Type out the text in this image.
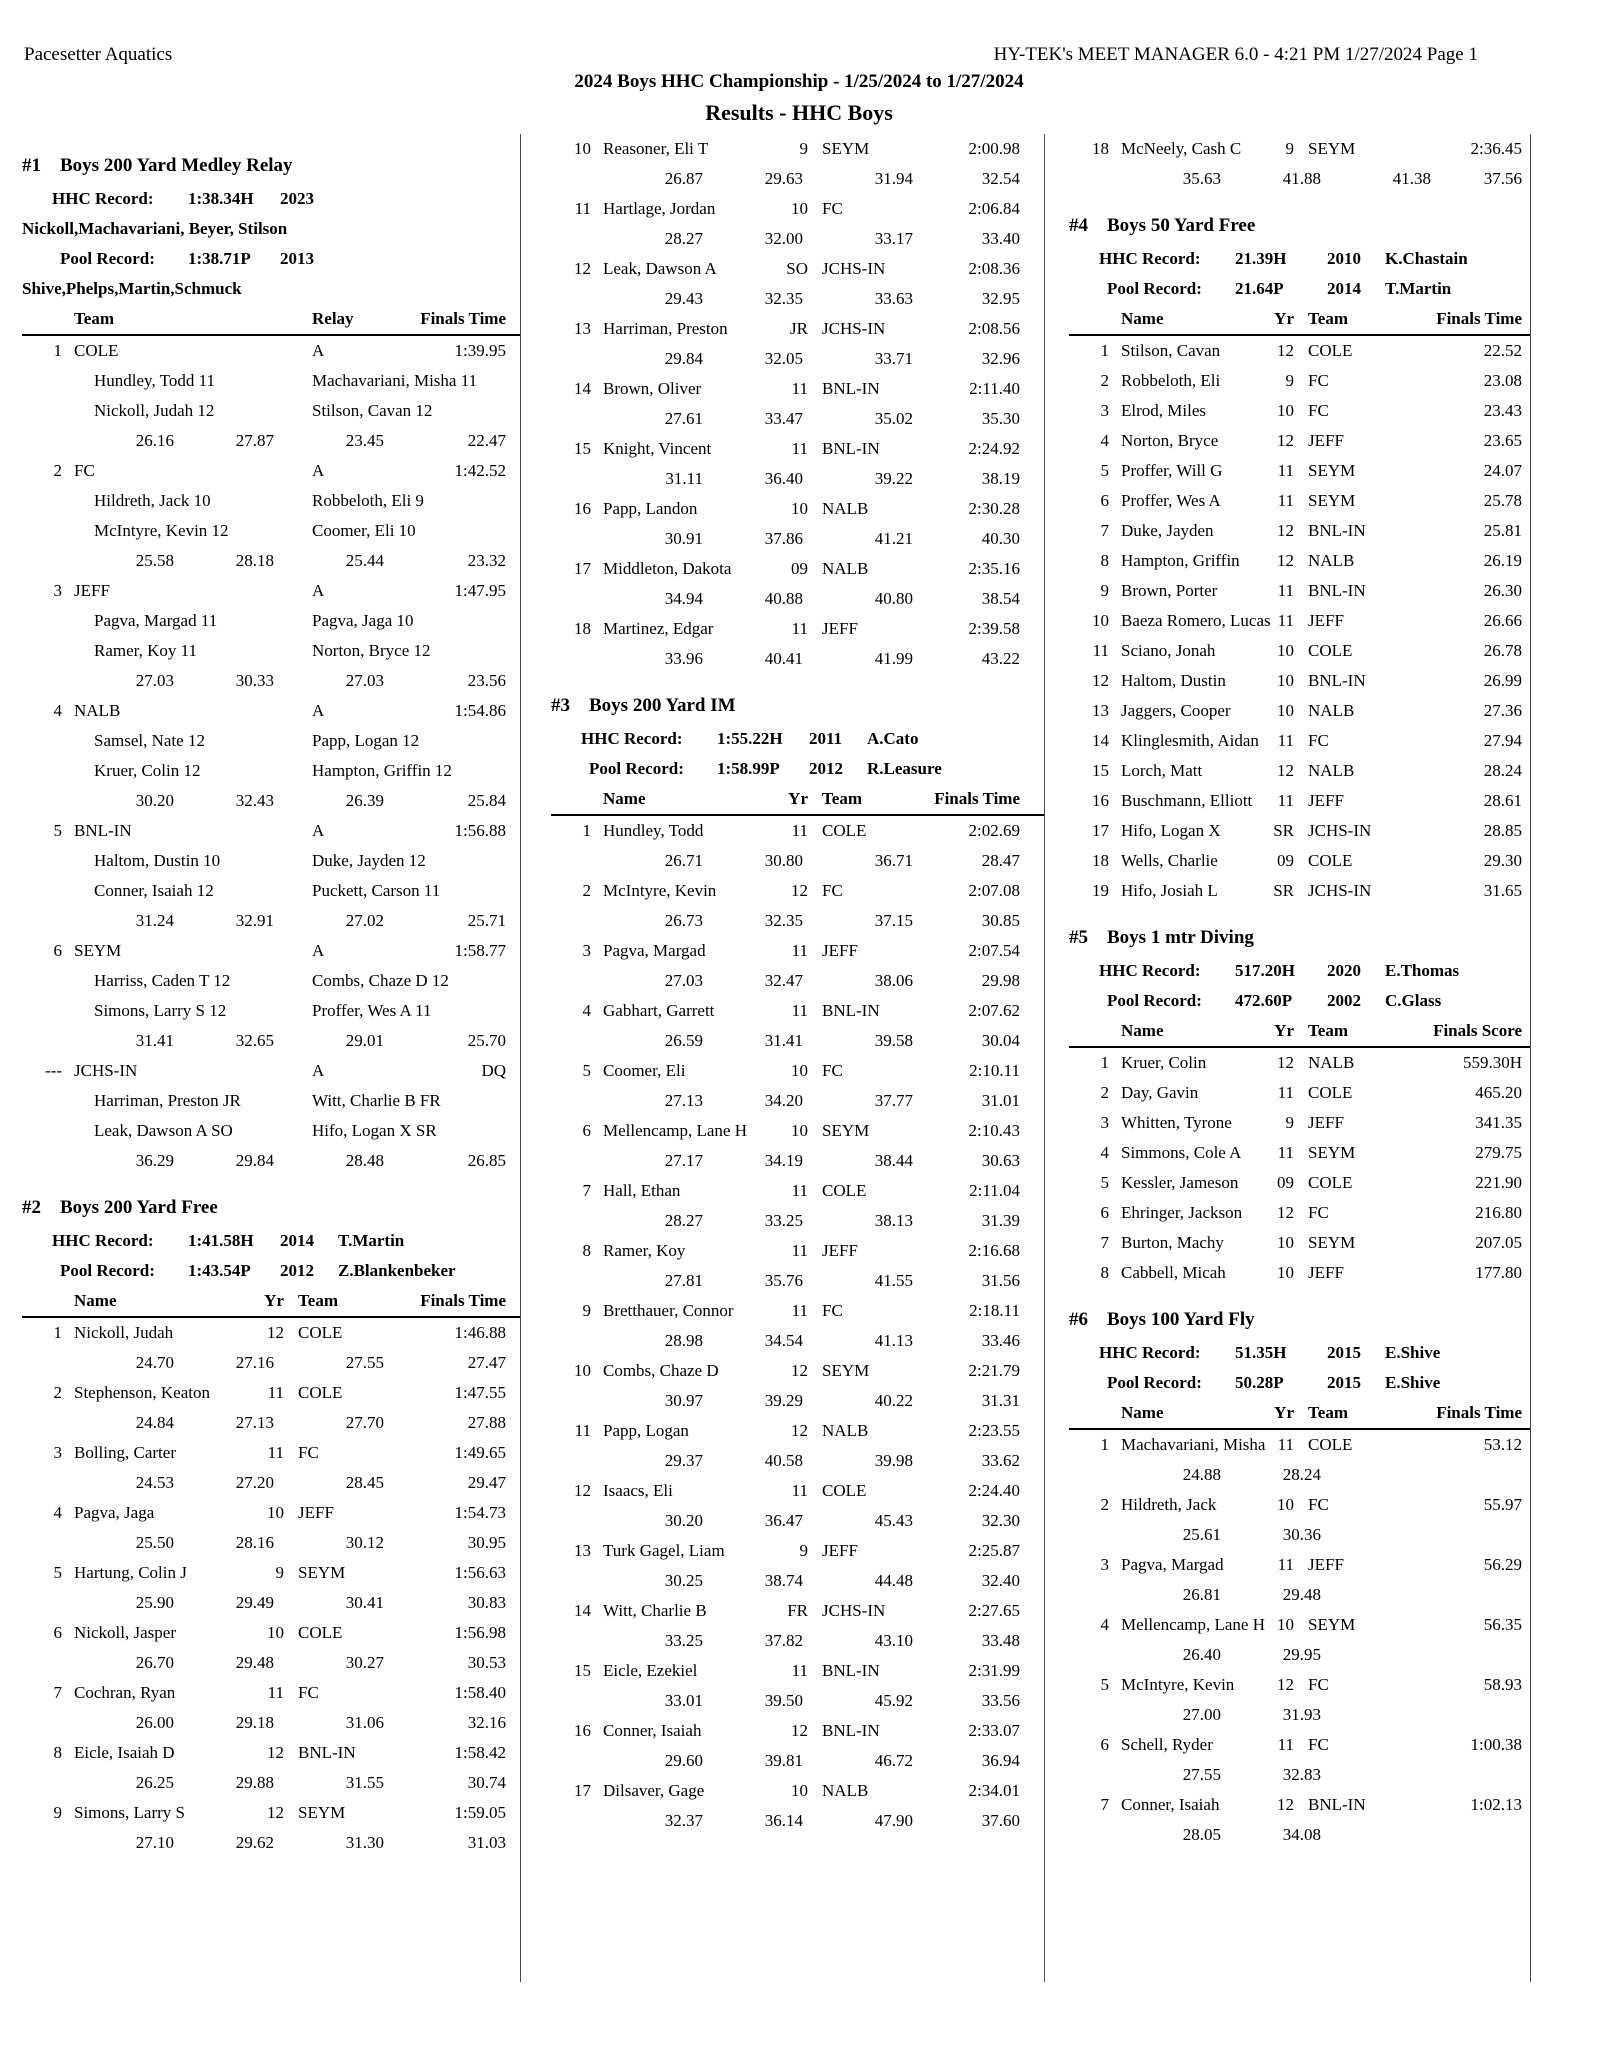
Pacesetter Aquatics	HY-TEK's MEET MANAGER 6.0 - 4:21 PM 1/27/2024 Page 1
2024 Boys HHC Championship - 1/25/2024 to 1/27/2024
Results - HHC Boys
#1	Boys 200 Yard Medley Relay
HHC Record:	1:38.34H	2023
Nickoll,Machavariani, Beyer, Stilson
Pool Record:	1:38.71P	2013
Shive,Phelps,Martin,Schmuck
Team	Relay	Finals Time
1 COLE	A	1:39.95
Hundley, Todd 11	Machavariani, Misha 11
Nickoll, Judah 12	Stilson, Cavan 12
26.16	27.87	23.45	22.47
2 FC	A	1:42.52
Hildreth, Jack 10	Robbeloth, Eli 9
McIntyre, Kevin 12	Coomer, Eli 10
25.58	28.18	25.44	23.32
3 JEFF	A	1:47.95
Pagva, Margad 11	Pagva, Jaga 10
Ramer, Koy 11	Norton, Bryce 12
27.03	30.33	27.03	23.56
4 NALB	A	1:54.86
Samsel, Nate 12	Papp, Logan 12
Kruer, Colin 12	Hampton, Griffin 12
30.20	32.43	26.39	25.84
5 BNL-IN	A	1:56.88
Haltom, Dustin 10	Duke, Jayden 12
Conner, Isaiah 12	Puckett, Carson 11
31.24	32.91	27.02	25.71
6 SEYM	A	1:58.77
Harriss, Caden T 12	Combs, Chaze D 12
Simons, Larry S 12	Proffer, Wes A 11
31.41	32.65	29.01	25.70
--- JCHS-IN	A	DQ
Harriman, Preston JR	Witt, Charlie B FR
Leak, Dawson A SO	Hifo, Logan X SR
36.29	29.84	28.48	26.85
#2	Boys 200 Yard Free
HHC Record:	1:41.58H	2014	T.Martin
Pool Record:	1:43.54P	2012	Z.Blankenbeker
Name	Yr Team	Finals Time
1 Nickoll, Judah	12 COLE	1:46.88
24.70	27.16	27.55	27.47
2 Stephenson, Keaton	11 COLE	1:47.55
24.84	27.13	27.70	27.88
3 Bolling, Carter	11 FC	1:49.65
24.53	27.20	28.45	29.47
4 Pagva, Jaga	10 JEFF	1:54.73
25.50	28.16	30.12	30.95
5 Hartung, Colin J	9 SEYM	1:56.63
25.90	29.49	30.41	30.83
6 Nickoll, Jasper	10 COLE	1:56.98
26.70	29.48	30.27	30.53
7 Cochran, Ryan	11 FC	1:58.40
26.00	29.18	31.06	32.16
8 Eicle, Isaiah D	12 BNL-IN	1:58.42
26.25	29.88	31.55	30.74
9 Simons, Larry S	12 SEYM	1:59.05
27.10	29.62	31.30	31.03
10 Reasoner, Eli T	9 SEYM	2:00.98
26.87	29.63	31.94	32.54
11 Hartlage, Jordan	10 FC	2:06.84
28.27	32.00	33.17	33.40
12 Leak, Dawson A	SO JCHS-IN	2:08.36
29.43	32.35	33.63	32.95
13 Harriman, Preston	JR JCHS-IN	2:08.56
29.84	32.05	33.71	32.96
14 Brown, Oliver	11 BNL-IN	2:11.40
27.61	33.47	35.02	35.30
15 Knight, Vincent	11 BNL-IN	2:24.92
31.11	36.40	39.22	38.19
16 Papp, Landon	10 NALB	2:30.28
30.91	37.86	41.21	40.30
17 Middleton, Dakota	09 NALB	2:35.16
34.94	40.88	40.80	38.54
18 Martinez, Edgar	11 JEFF	2:39.58
33.96	40.41	41.99	43.22
#3	Boys 200 Yard IM
HHC Record:	1:55.22H	2011	A.Cato
Pool Record:	1:58.99P	2012	R.Leasure
Name	Yr Team	Finals Time
1 Hundley, Todd	11 COLE	2:02.69
26.71	30.80	36.71	28.47
2 McIntyre, Kevin	12 FC	2:07.08
26.73	32.35	37.15	30.85
3 Pagva, Margad	11 JEFF	2:07.54
27.03	32.47	38.06	29.98
4 Gabhart, Garrett	11 BNL-IN	2:07.62
26.59	31.41	39.58	30.04
5 Coomer, Eli	10 FC	2:10.11
27.13	34.20	37.77	31.01
6 Mellencamp, Lane H	10 SEYM	2:10.43
27.17	34.19	38.44	30.63
7 Hall, Ethan	11 COLE	2:11.04
28.27	33.25	38.13	31.39
8 Ramer, Koy	11 JEFF	2:16.68
27.81	35.76	41.55	31.56
9 Bretthauer, Connor	11 FC	2:18.11
28.98	34.54	41.13	33.46
10 Combs, Chaze D	12 SEYM	2:21.79
30.97	39.29	40.22	31.31
11 Papp, Logan	12 NALB	2:23.55
29.37	40.58	39.98	33.62
12 Isaacs, Eli	11 COLE	2:24.40
30.20	36.47	45.43	32.30
13 Turk Gagel, Liam	9 JEFF	2:25.87
30.25	38.74	44.48	32.40
14 Witt, Charlie B	FR JCHS-IN	2:27.65
33.25	37.82	43.10	33.48
15 Eicle, Ezekiel	11 BNL-IN	2:31.99
33.01	39.50	45.92	33.56
16 Conner, Isaiah	12 BNL-IN	2:33.07
29.60	39.81	46.72	36.94
17 Dilsaver, Gage	10 NALB	2:34.01
32.37	36.14	47.90	37.60
18 McNeely, Cash C	9 SEYM	2:36.45
35.63	41.88	41.38	37.56
#4	Boys 50 Yard Free
HHC Record:	21.39H	2010	K.Chastain
Pool Record:	21.64P	2014	T.Martin
Name	Yr Team	Finals Time
1 Stilson, Cavan	12 COLE	22.52
2 Robbeloth, Eli	9 FC	23.08
3 Elrod, Miles	10 FC	23.43
4 Norton, Bryce	12 JEFF	23.65
5 Proffer, Will G	11 SEYM	24.07
6 Proffer, Wes A	11 SEYM	25.78
7 Duke, Jayden	12 BNL-IN	25.81
8 Hampton, Griffin	12 NALB	26.19
9 Brown, Porter	11 BNL-IN	26.30
10 Baeza Romero, Lucas 11 JEFF	26.66
11 Sciano, Jonah	10 COLE	26.78
12 Haltom, Dustin	10 BNL-IN	26.99
13 Jaggers, Cooper	10 NALB	27.36
14 Klinglesmith, Aidan	11 FC	27.94
15 Lorch, Matt	12 NALB	28.24
16 Buschmann, Elliott	11 JEFF	28.61
17 Hifo, Logan X	SR JCHS-IN	28.85
18 Wells, Charlie	09 COLE	29.30
19 Hifo, Josiah L	SR JCHS-IN	31.65
#5	Boys 1 mtr Diving
HHC Record:	517.20H	2020	E.Thomas
Pool Record:	472.60P	2002	C.Glass
Name	Yr Team	Finals Score
1 Kruer, Colin	12 NALB	559.30H
2 Day, Gavin	11 COLE	465.20
3 Whitten, Tyrone	9 JEFF	341.35
4 Simmons, Cole A	11 SEYM	279.75
5 Kessler, Jameson	09 COLE	221.90
6 Ehringer, Jackson	12 FC	216.80
7 Burton, Machy	10 SEYM	207.05
8 Cabbell, Micah	10 JEFF	177.80
#6	Boys 100 Yard Fly
HHC Record:	51.35H	2015	E.Shive
Pool Record:	50.28P	2015	E.Shive
Name	Yr Team	Finals Time
1 Machavariani, Misha 11 COLE	53.12
24.88	28.24
2 Hildreth, Jack	10 FC	55.97
25.61	30.36
3 Pagva, Margad	11 JEFF	56.29
26.81	29.48
4 Mellencamp, Lane H 10 SEYM	56.35
26.40	29.95
5 McIntyre, Kevin	12 FC	58.93
27.00	31.93
6 Schell, Ryder	11 FC	1:00.38
27.55	32.83
7 Conner, Isaiah	12 BNL-IN	1:02.13
28.05	34.08
